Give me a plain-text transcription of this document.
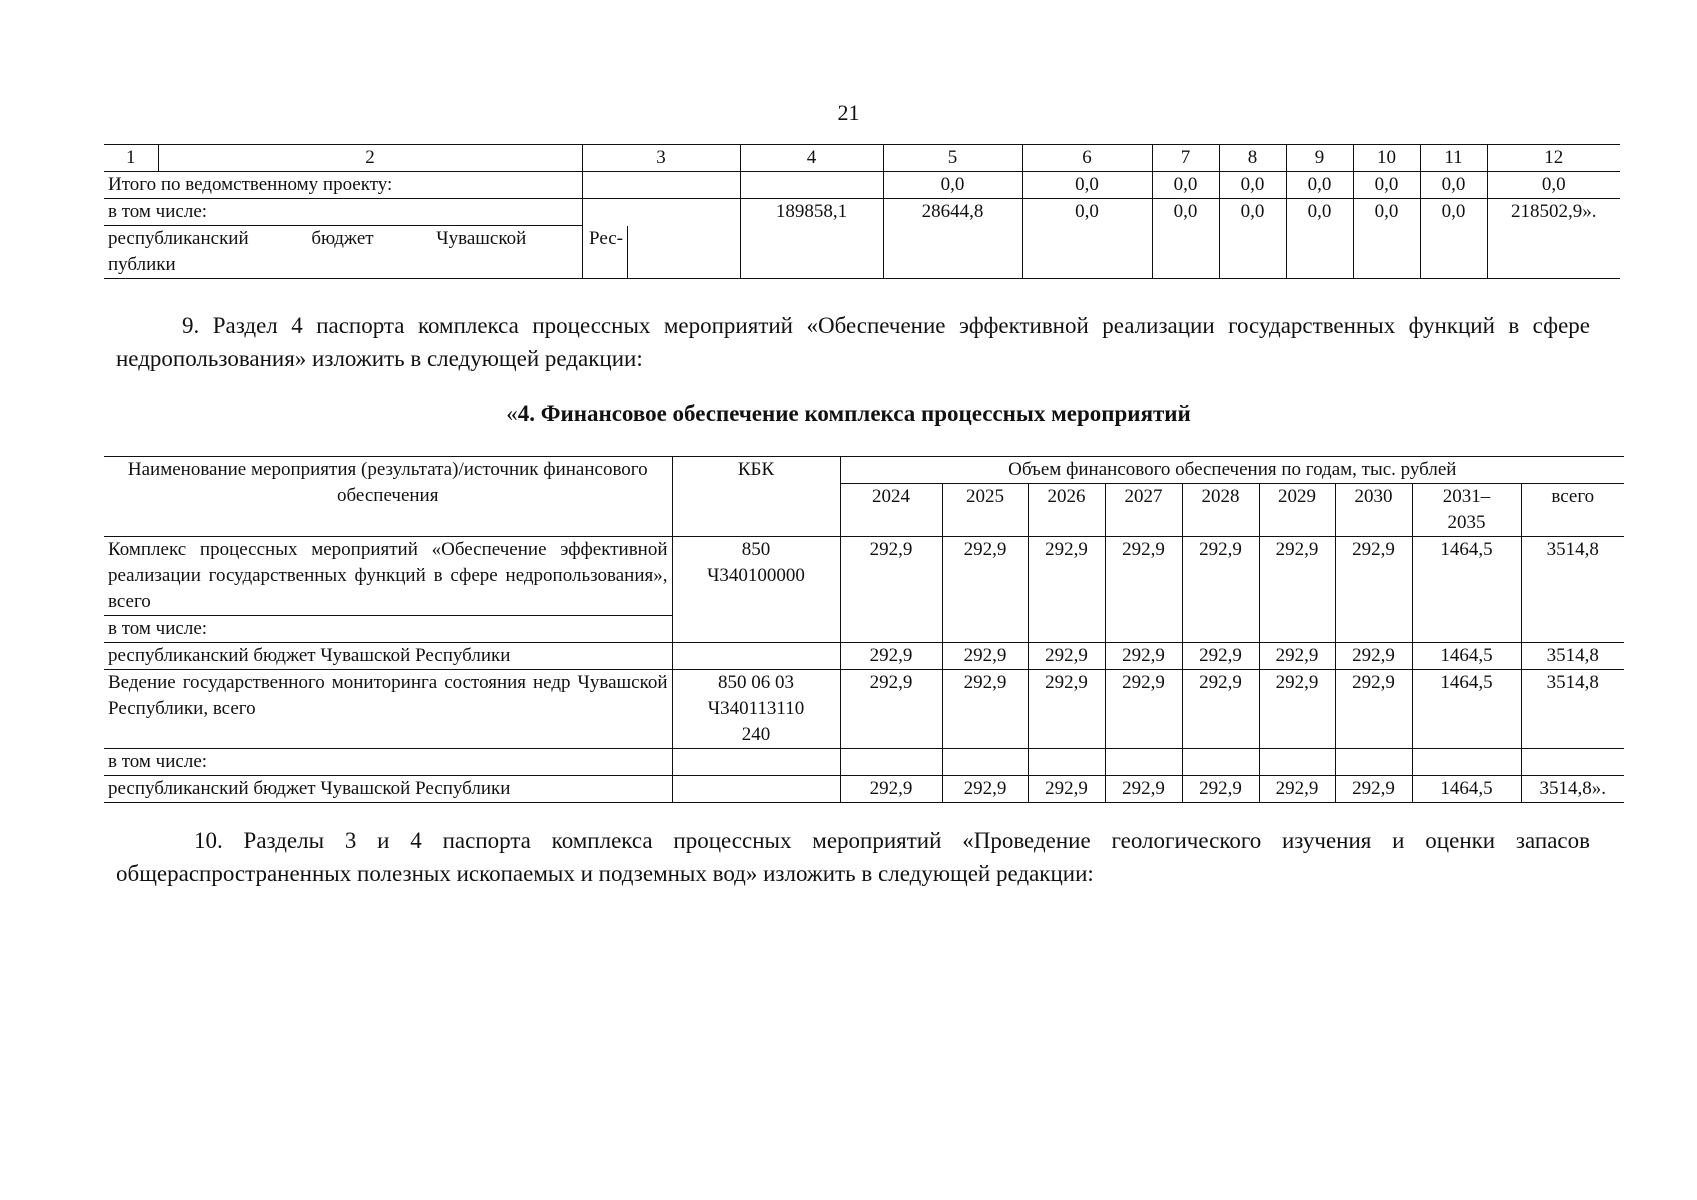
21
1	2	3	4	5	6	7	8	9	10	11	12
Итого по ведомственному проекту:				0,0	0,0	0,0	0,0	0,0	0,0	0,0	0,0

в том числе:
республиканский бюджет Чувашской Рес-
публики			189858,1	28644,8	0,0	0,0	0,0	0,0	0,0	0,0	218502,9».
9. Раздел 4 паспорта комплекса процессных мероприятий «Обеспечение эффективной реализации государственных функций в сфере недропользования» изложить в следующей редакции:
«4. Финансовое обеспечение комплекса процессных мероприятий
Наименование мероприятия (результата)/источник финансового обеспечения	КБК	Объем финансового обеспечения по годам, тыс. рублей								
		2024	2025	2026	2027	2028	2029	2030	2031–2035	всего
Комплекс процессных мероприятий «Обеспечение эффективной реализации государственных функций в сфере недропользования», всего	850 Ч340100000	292,9	292,9	292,9	292,9	292,9	292,9	292,9	1464,5	3514,8
в том числе:										
республиканский бюджет Чувашской Республики		292,9	292,9	292,9	292,9	292,9	292,9	292,9	1464,5	3514,8
Ведение государственного мониторинга состояния недр Чувашской Республики, всего	850 06 03 Ч340113110 240	292,9	292,9	292,9	292,9	292,9	292,9	292,9	1464,5	3514,8
в том числе:										
республиканский бюджет Чувашской Республики		292,9	292,9	292,9	292,9	292,9	292,9	292,9	1464,5	3514,8».
10. Разделы 3 и 4 паспорта комплекса процессных мероприятий «Проведение геологического изучения и оценки запасов общераспространенных полезных ископаемых и подземных вод» изложить в следующей редакции:
